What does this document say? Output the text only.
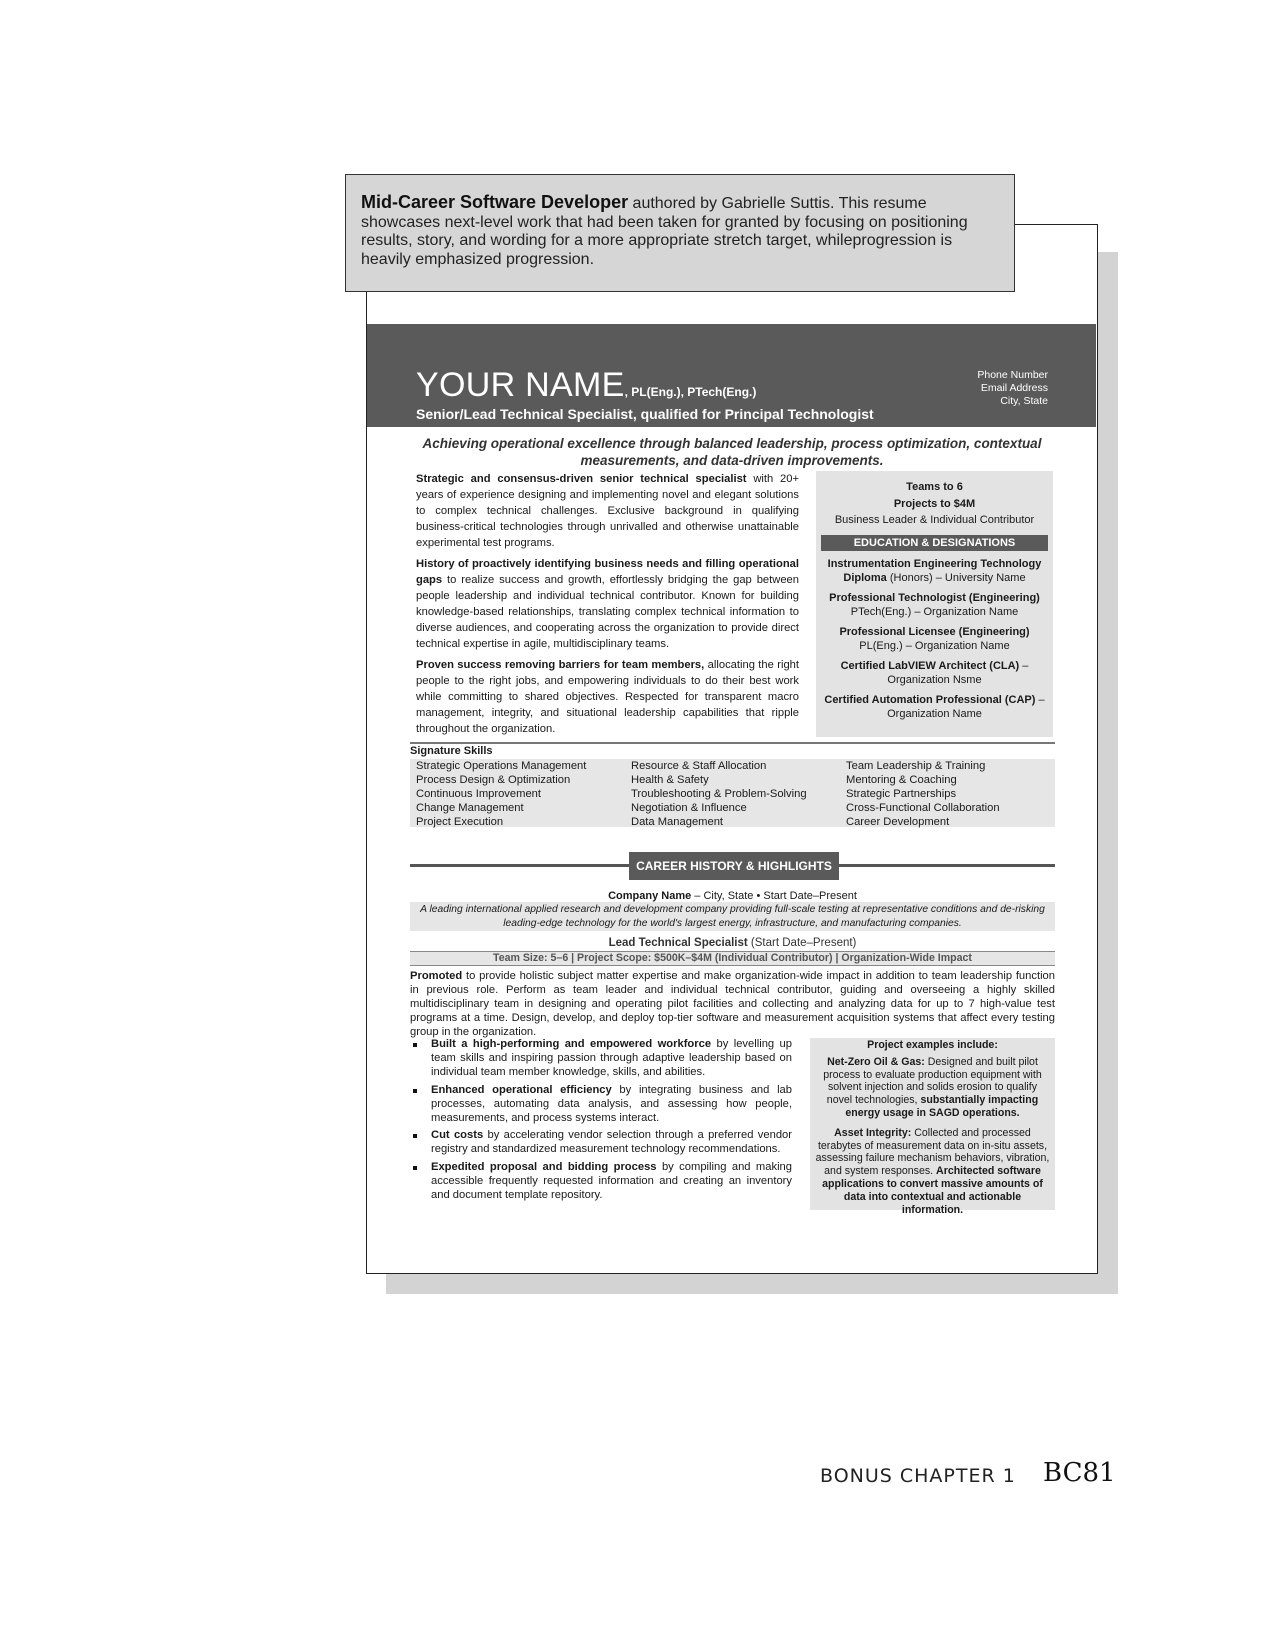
YOUR NAME, PL(Eng.), PTech(Eng.)
Senior/Lead Technical Specialist, qualified for Principal Technologist
Phone Number
Email Address
City, State
Achieving operational excellence through balanced leadership, process optimization, contextual measurements, and data-driven improvements.

Strategic and consensus-driven senior technical specialist with 20+ years of experience designing and implementing novel and elegant solutions to complex technical challenges. Exclusive background in qualifying business-critical technologies through unrivalled and otherwise unattainable experimental test programs.

History of proactively identifying business needs and filling operational gaps to realize success and growth, effortlessly bridging the gap between people leadership and individual technical contributor. Known for building knowledge-based relationships, translating complex technical information to diverse audiences, and cooperating across the organization to provide direct technical expertise in agile, multidisciplinary teams.

Proven success removing barriers for team members, allocating the right people to the right jobs, and empowering individuals to do their best work while committing to shared objectives. Respected for transparent macro management, integrity, and situational leadership capabilities that ripple throughout the organization.

Teams to 6
Projects to $4M
Business Leader & Individual Contributor
EDUCATION & DESIGNATIONS
Instrumentation Engineering Technology Diploma (Honors) – University Name
Professional Technologist (Engineering)
PTech(Eng.) – Organization Name
Professional Licensee (Engineering)
PL(Eng.) – Organization Name
Certified LabVIEW Architect (CLA) – Organization Nsme
Certified Automation Professional (CAP) – Organization Name
Signature Skills
Strategic Operations Management
Process Design & Optimization
Continuous Improvement
Change Management
Project Execution
Resource & Staff Allocation
Health & Safety
Troubleshooting & Problem-Solving
Negotiation & Influence
Data Management
Team Leadership & Training
Mentoring & Coaching
Strategic Partnerships
Cross-Functional Collaboration
Career Development
CAREER HISTORY & HIGHLIGHTS
Company Name – City, State • Start Date–Present
A leading international applied research and development company providing full-scale testing at representative conditions and de-risking leading-edge technology for the world's largest energy, infrastructure, and manufacturing companies.
Lead Technical Specialist (Start Date–Present)
Team Size: 5–6 | Project Scope: $500K–$4M (Individual Contributor) | Organization-Wide Impact
Promoted to provide holistic subject matter expertise and make organization-wide impact in addition to team leadership function in previous role. Perform as team leader and individual technical contributor, guiding and overseeing a highly skilled multidisciplinary team in designing and operating pilot facilities and collecting and analyzing data for up to 7 high-value test programs at a time. Design, develop, and deploy top-tier software and measurement acquisition systems that affect every testing group in the organization.
Built a high-performing and empowered workforce by levelling up team skills and inspiring passion through adaptive leadership based on individual team member knowledge, skills, and abilities.
Enhanced operational efficiency by integrating business and lab processes, automating data analysis, and assessing how people, measurements, and process systems interact.
Cut costs by accelerating vendor selection through a preferred vendor registry and standardized measurement technology recommendations.
Expedited proposal and bidding process by compiling and making accessible frequently requested information and creating an inventory and document template repository.
Project examples include:
Net-Zero Oil & Gas: Designed and built pilot process to evaluate production equipment with solvent injection and solids erosion to qualify novel technologies, substantially impacting energy usage in SAGD operations.
Asset Integrity: Collected and processed terabytes of measurement data on in-situ assets, assessing failure mechanism behaviors, vibration, and system responses. Architected software applications to convert massive amounts of data into contextual and actionable information.
Mid-Career Software Developer authored by Gabrielle Suttis. This resume showcases next-level work that had been taken for granted by focusing on positioning results, story, and wording for a more appropriate stretch target, whileprogression is heavily emphasized progression.
BONUS CHAPTER 1 BC81
